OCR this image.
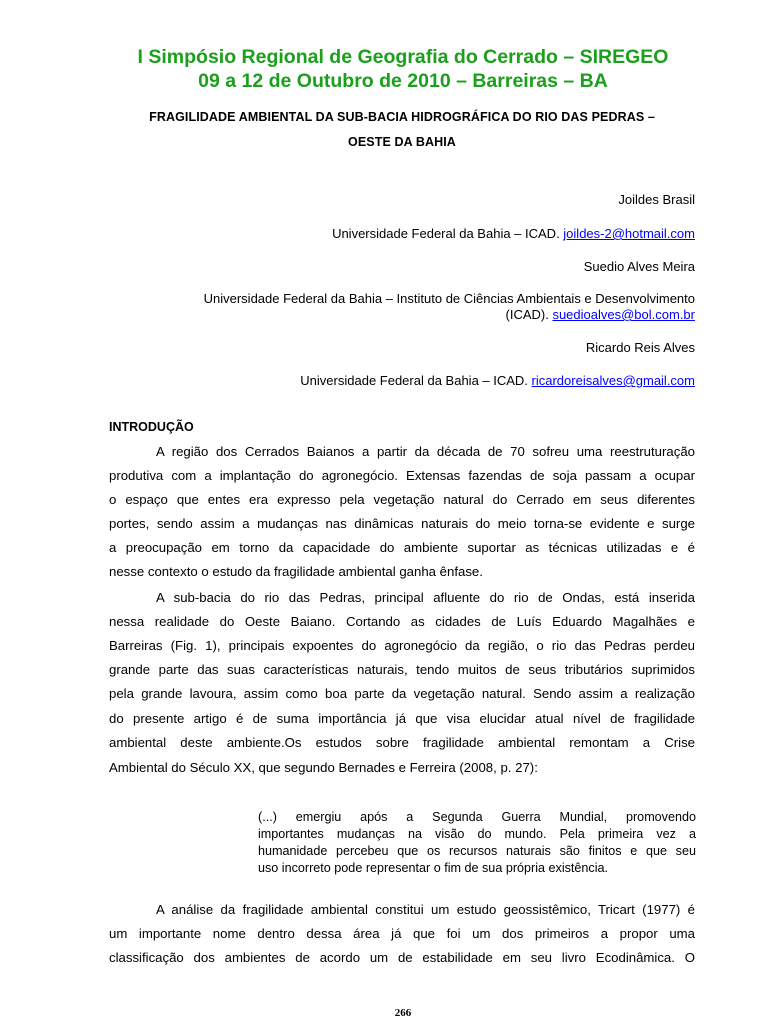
I Simpósio Regional de Geografia do Cerrado – SIREGEO
09 a 12 de Outubro de 2010 – Barreiras – BA
FRAGILIDADE AMBIENTAL DA SUB-BACIA HIDROGRÁFICA DO RIO DAS PEDRAS –
OESTE DA BAHIA
Joildes Brasil
Universidade Federal da Bahia – ICAD. joildes-2@hotmail.com
Suedio Alves Meira
Universidade Federal da Bahia – Instituto de Ciências Ambientais e Desenvolvimento
(ICAD). suedioalves@bol.com.br
Ricardo Reis Alves
Universidade Federal da Bahia – ICAD. ricardoreisalves@gmail.com
INTRODUÇÃO
A região dos Cerrados Baianos a partir da década de 70 sofreu uma reestruturação
produtiva com a implantação do agronegócio. Extensas fazendas de soja passam a ocupar
o espaço que entes era expresso pela vegetação natural do Cerrado em seus diferentes
portes, sendo assim a mudanças nas dinâmicas naturais do meio torna-se evidente e surge
a preocupação em torno da capacidade do ambiente suportar as técnicas utilizadas e é
nesse contexto o estudo da fragilidade ambiental ganha ênfase.
A sub-bacia do rio das Pedras, principal afluente do rio de Ondas, está inserida
nessa realidade do Oeste Baiano. Cortando as cidades de Luís Eduardo Magalhães e
Barreiras (Fig. 1), principais expoentes do agronegócio da região, o rio das Pedras perdeu
grande parte das suas características naturais, tendo muitos de seus tributários suprimidos
pela grande lavoura, assim como boa parte da vegetação natural. Sendo assim a realização
do presente artigo é de suma importância já que visa elucidar atual nível de fragilidade
ambiental deste ambiente.Os estudos sobre fragilidade ambiental remontam a Crise
Ambiental do Século XX, que segundo Bernades e Ferreira (2008, p. 27):
(...) emergiu após a Segunda Guerra Mundial, promovendo
importantes mudanças na visão do mundo. Pela primeira vez a
humanidade percebeu que os recursos naturais são finitos e que seu
uso incorreto pode representar o fim de sua própria existência.
A análise da fragilidade ambiental constitui um estudo geossistêmico, Tricart (1977) é
um importante nome dentro dessa área já que foi um dos primeiros a propor uma
classificação dos ambientes de acordo um de estabilidade em seu livro Ecodinâmica. O
266
